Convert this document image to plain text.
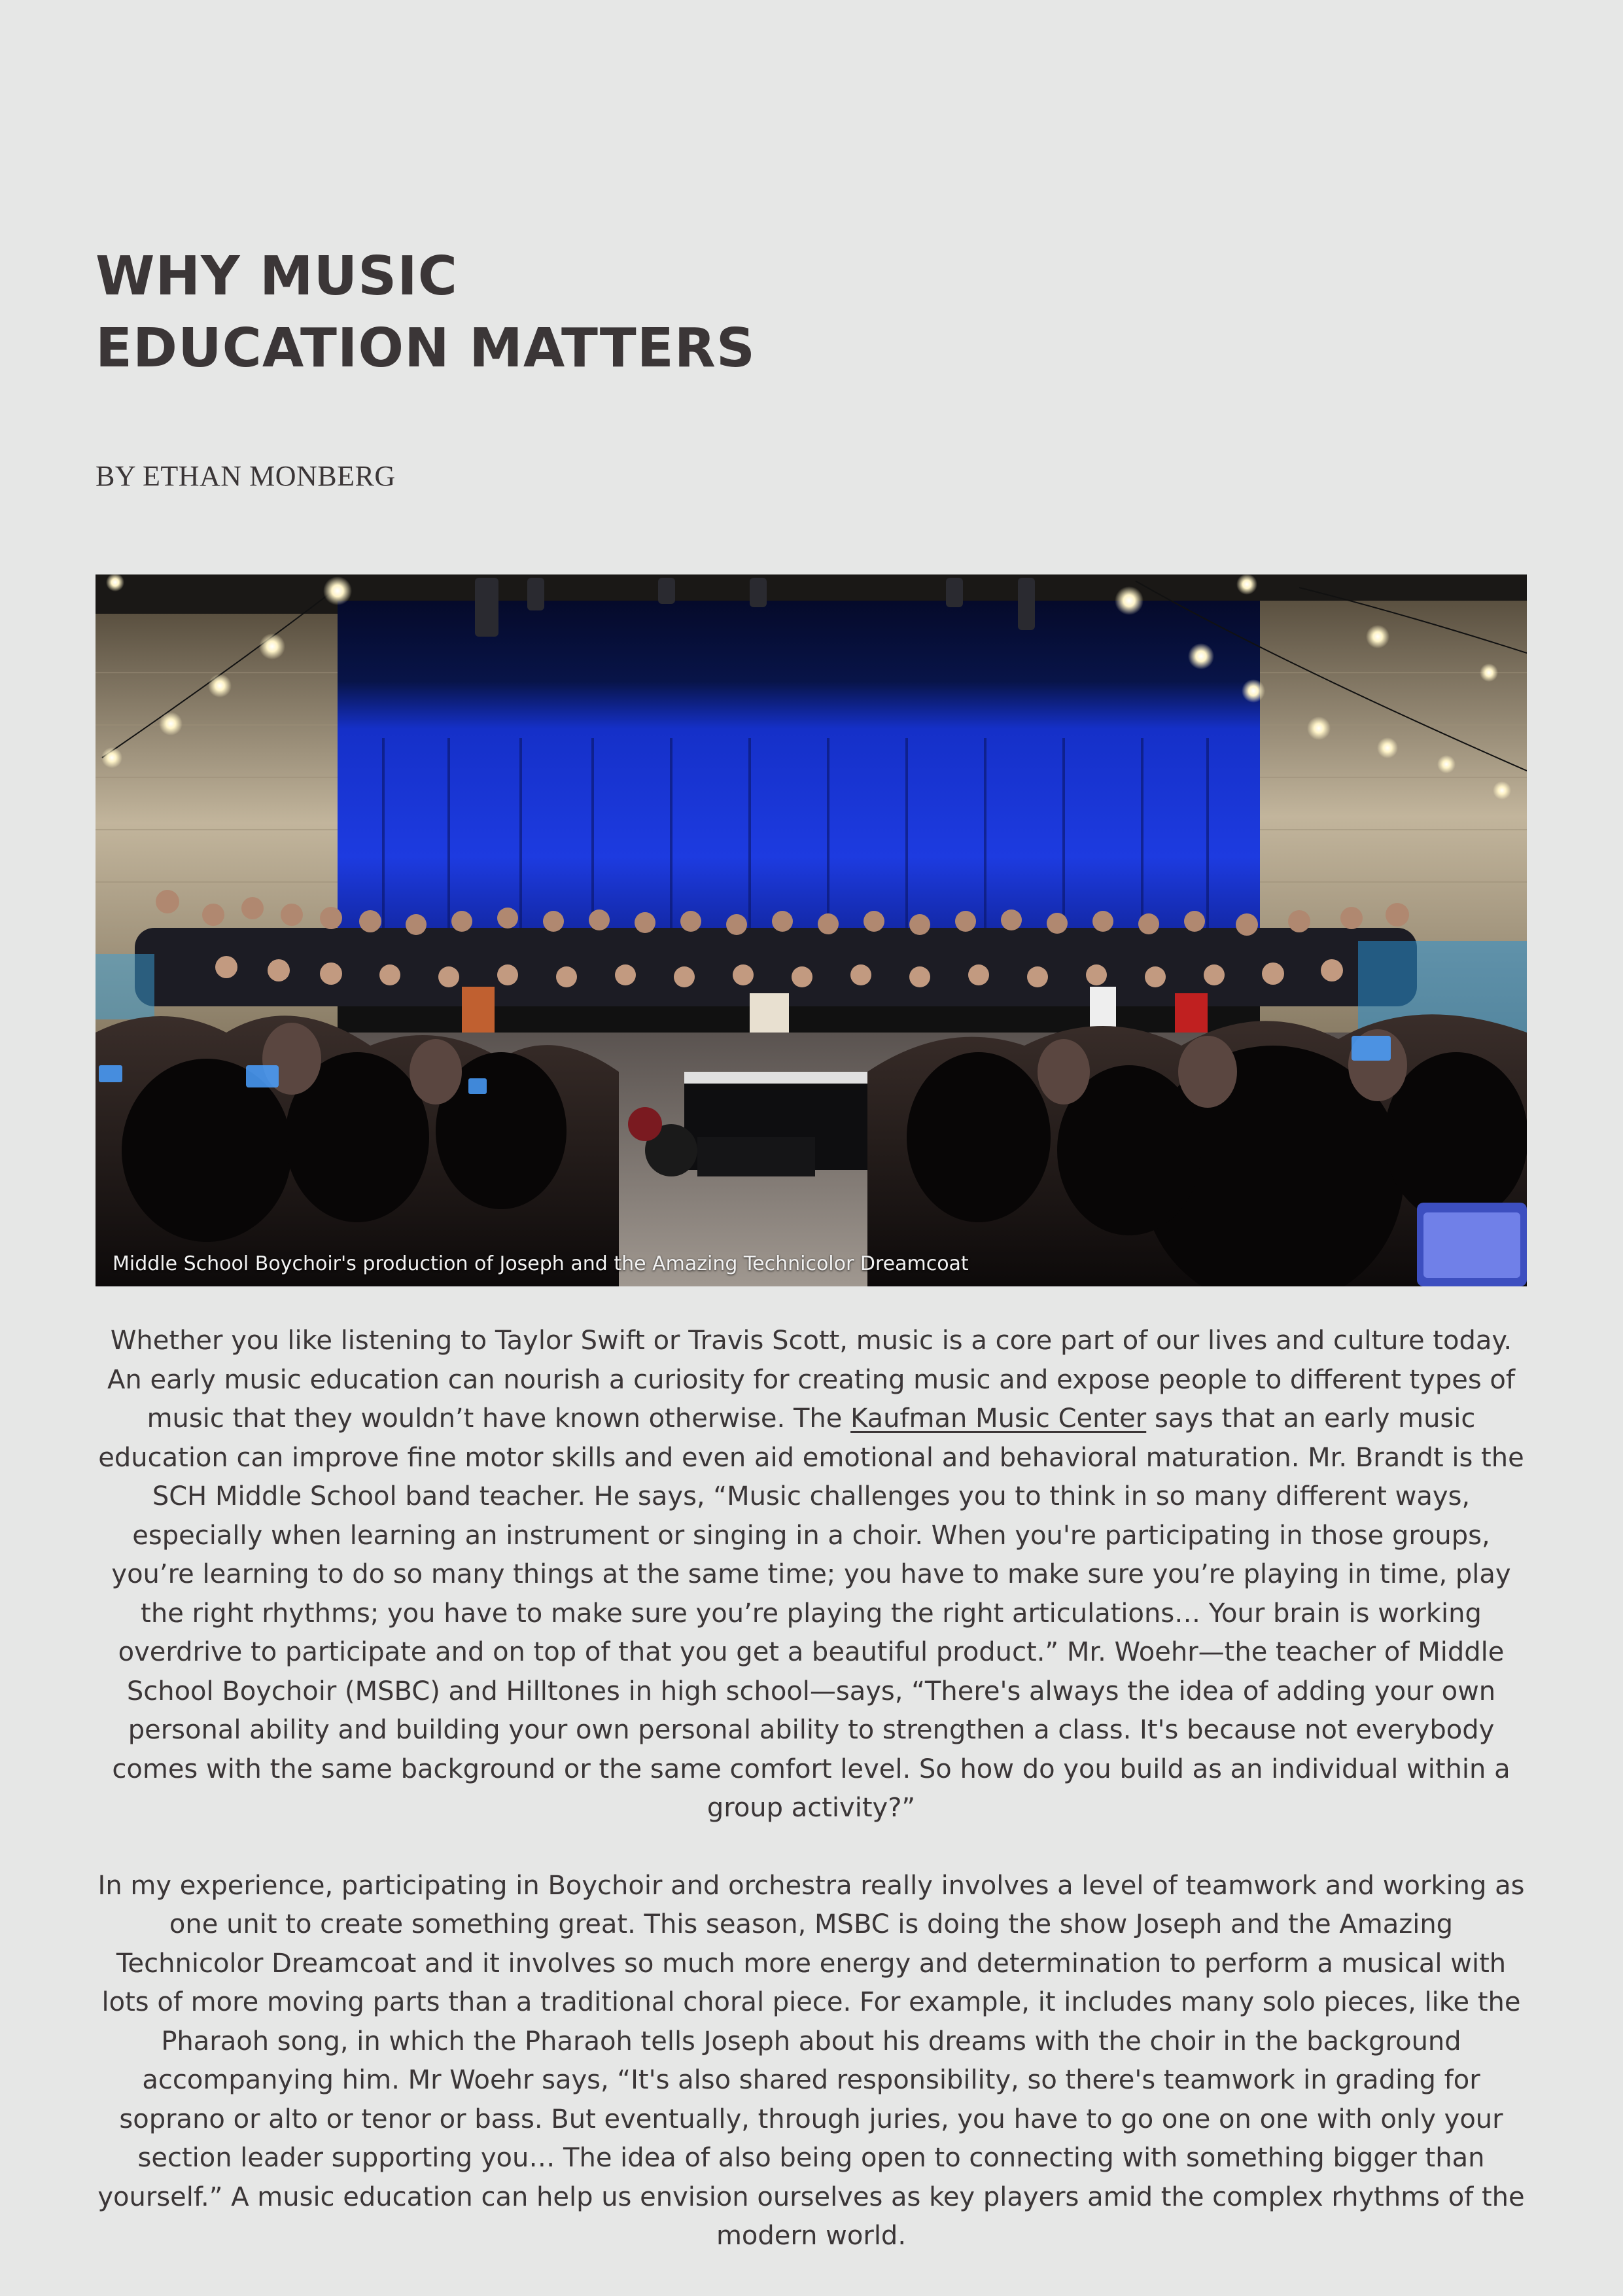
WHY MUSIC
EDUCATION MATTERS

BY ETHAN MONBERG

Middle School Boychoir's production of Joseph and the Amazing Technicolor Dreamcoat

Whether you like listening to Taylor Swift or Travis Scott, music is a core part of our lives and culture today. An early music education can nourish a curiosity for creating music and expose people to different types of music that they wouldn’t have known otherwise. The Kaufman Music Center says that an early music education can improve fine motor skills and even aid emotional and behavioral maturation. Mr. Brandt is the SCH Middle School band teacher. He says, “Music challenges you to think in so many different ways, especially when learning an instrument or singing in a choir. When you're participating in those groups, you’re learning to do so many things at the same time; you have to make sure you’re playing in time, play the right rhythms; you have to make sure you’re playing the right articulations… Your brain is working overdrive to participate and on top of that you get a beautiful product.” Mr. Woehr—the teacher of Middle School Boychoir (MSBC) and Hilltones in high school—says, “There's always the idea of adding your own personal ability and building your own personal ability to strengthen a class. It's because not everybody comes with the same background or the same comfort level. So how do you build as an individual within a group activity?”

In my experience, participating in Boychoir and orchestra really involves a level of teamwork and working as one unit to create something great. This season, MSBC is doing the show Joseph and the Amazing Technicolor Dreamcoat and it involves so much more energy and determination to perform a musical with lots of more moving parts than a traditional choral piece. For example, it includes many solo pieces, like the Pharaoh song, in which the Pharaoh tells Joseph about his dreams with the choir in the background accompanying him. Mr Woehr says, “It's also shared responsibility, so there's teamwork in grading for soprano or alto or tenor or bass. But eventually, through juries, you have to go one on one with only your section leader supporting you… The idea of also being open to connecting with something bigger than yourself.” A music education can help us envision ourselves as key players amid the complex rhythms of the modern world.
